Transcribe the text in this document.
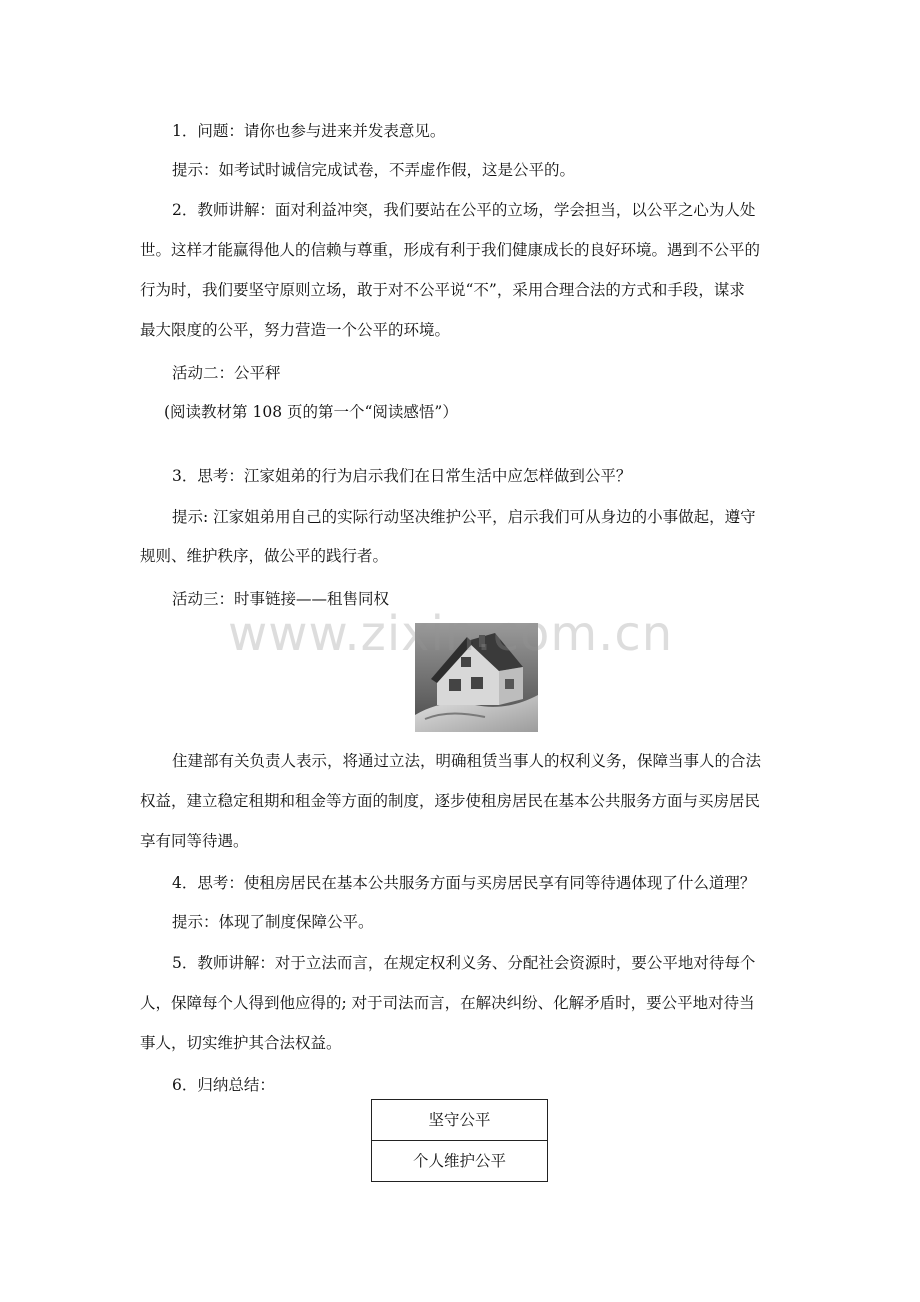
1．问题：请你也参与进来并发表意见。
提示：如考试时诚信完成试卷，不弄虚作假，这是公平的。
2．教师讲解：面对利益冲突，我们要站在公平的立场，学会担当，以公平之心为人处
世。这样才能赢得他人的信赖与尊重，形成有利于我们健康成长的良好环境。遇到不公平的
行为时，我们要坚守原则立场，敢于对不公平说“不”，采用合理合法的方式和手段，谋求
最大限度的公平，努力营造一个公平的环境。
活动二：公平秤
(阅读教材第 108 页的第一个“阅读感悟”）
3．思考：江家姐弟的行为启示我们在日常生活中应怎样做到公平？
提示: 江家姐弟用自己的实际行动坚决维护公平，启示我们可从身边的小事做起，遵守
规则、维护秩序，做公平的践行者。
活动三：时事链接——租售同权
www.zixin.com.cn
住建部有关负责人表示，将通过立法，明确租赁当事人的权利义务，保障当事人的合法
权益，建立稳定租期和租金等方面的制度，逐步使租房居民在基本公共服务方面与买房居民
享有同等待遇。
4．思考：使租房居民在基本公共服务方面与买房居民享有同等待遇体现了什么道理？
提示：体现了制度保障公平。
5．教师讲解：对于立法而言，在规定权利义务、分配社会资源时，要公平地对待每个
人，保障每个人得到他应得的; 对于司法而言，在解决纠纷、化解矛盾时，要公平地对待当
事人，切实维护其合法权益。
6．归纳总结：
坚守公平
个人维护公平
